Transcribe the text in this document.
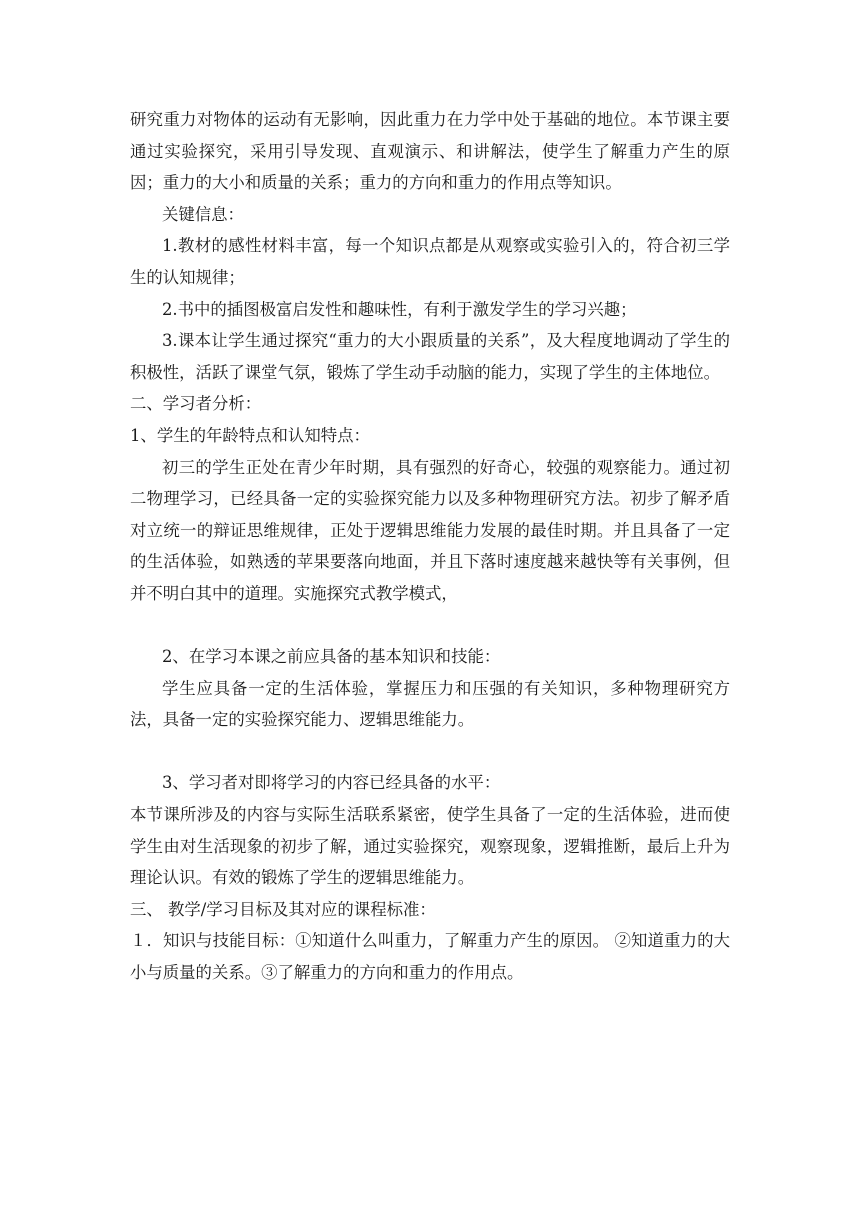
研究重力对物体的运动有无影响，因此重力在力学中处于基础的地位。本节课主要通过实验探究，采用引导发现、直观演示、和讲解法，使学生了解重力产生的原因；重力的大小和质量的关系；重力的方向和重力的作用点等知识。

关键信息：

1.教材的感性材料丰富，每一个知识点都是从观察或实验引入的，符合初三学生的认知规律；

2.书中的插图极富启发性和趣味性，有利于激发学生的学习兴趣；

3.课本让学生通过探究“重力的大小跟质量的关系”，及大程度地调动了学生的积极性，活跃了课堂气氛，锻炼了学生动手动脑的能力，实现了学生的主体地位。

二、学习者分析：

1、学生的年龄特点和认知特点：

初三的学生正处在青少年时期，具有强烈的好奇心，较强的观察能力。通过初二物理学习，已经具备一定的实验探究能力以及多种物理研究方法。初步了解矛盾对立统一的辩证思维规律，正处于逻辑思维能力发展的最佳时期。并且具备了一定的生活体验，如熟透的苹果要落向地面，并且下落时速度越来越快等有关事例，但并不明白其中的道理。实施探究式教学模式，

2、在学习本课之前应具备的基本知识和技能：

学生应具备一定的生活体验，掌握压力和压强的有关知识，多种物理研究方法，具备一定的实验探究能力、逻辑思维能力。

3、学习者对即将学习的内容已经具备的水平：

本节课所涉及的内容与实际生活联系紧密，使学生具备了一定的生活体验，进而使学生由对生活现象的初步了解，通过实验探究，观察现象，逻辑推断，最后上升为理论认识。有效的锻炼了学生的逻辑思维能力。

三、 教学/学习目标及其对应的课程标准：

１．知识与技能目标：①知道什么叫重力，了解重力产生的原因。 ②知道重力的大小与质量的关系。③了解重力的方向和重力的作用点。
